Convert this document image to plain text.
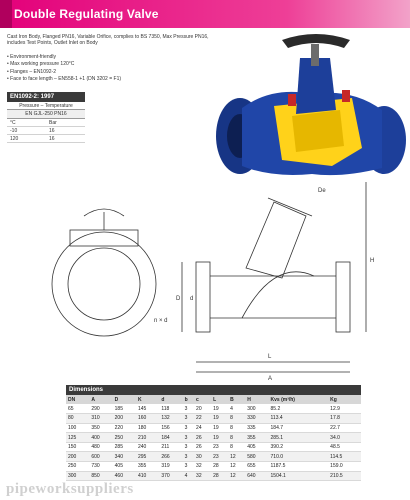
Double Regulating Valve
Cast Iron Body, Flanged PN16, Variable Orifice, complies to BS 7350, Max Pressure PN16, includes Test Points, Outlet Inlet on Body
• Environment-friendly
• Max working pressure 120°C
• Flanges – EN1092-2
• Face to face length – EN558-1 +1 (DN 3202 = F1)
EN1092-2: 1997
Pressure – Temperature
EN GJL-250 PN16
°C	Bar
-10	16
120	16
D d
H
L
A
De
n × d
Dimensions
DN	A	D	K	d	b	c	L	B	H	Kvs (m³/h)	Kg
65	290	185	145	118	3	20	19	4	300	85.2	12.9
80	310	200	160	132	3	22	19	8	330	113.4	17.8
100	350	220	180	156	3	24	19	8	335	184.7	22.7
125	400	250	210	184	3	26	19	8	355	285.1	34.0
150	480	285	240	211	3	26	23	8	405	390.2	48.5
200	600	340	295	266	3	30	23	12	580	710.0	114.5
250	730	405	355	319	3	32	28	12	655	1187.5	159.0
300	850	460	410	370	4	32	28	12	640	1504.1	210.5
pipeworksuppliers
